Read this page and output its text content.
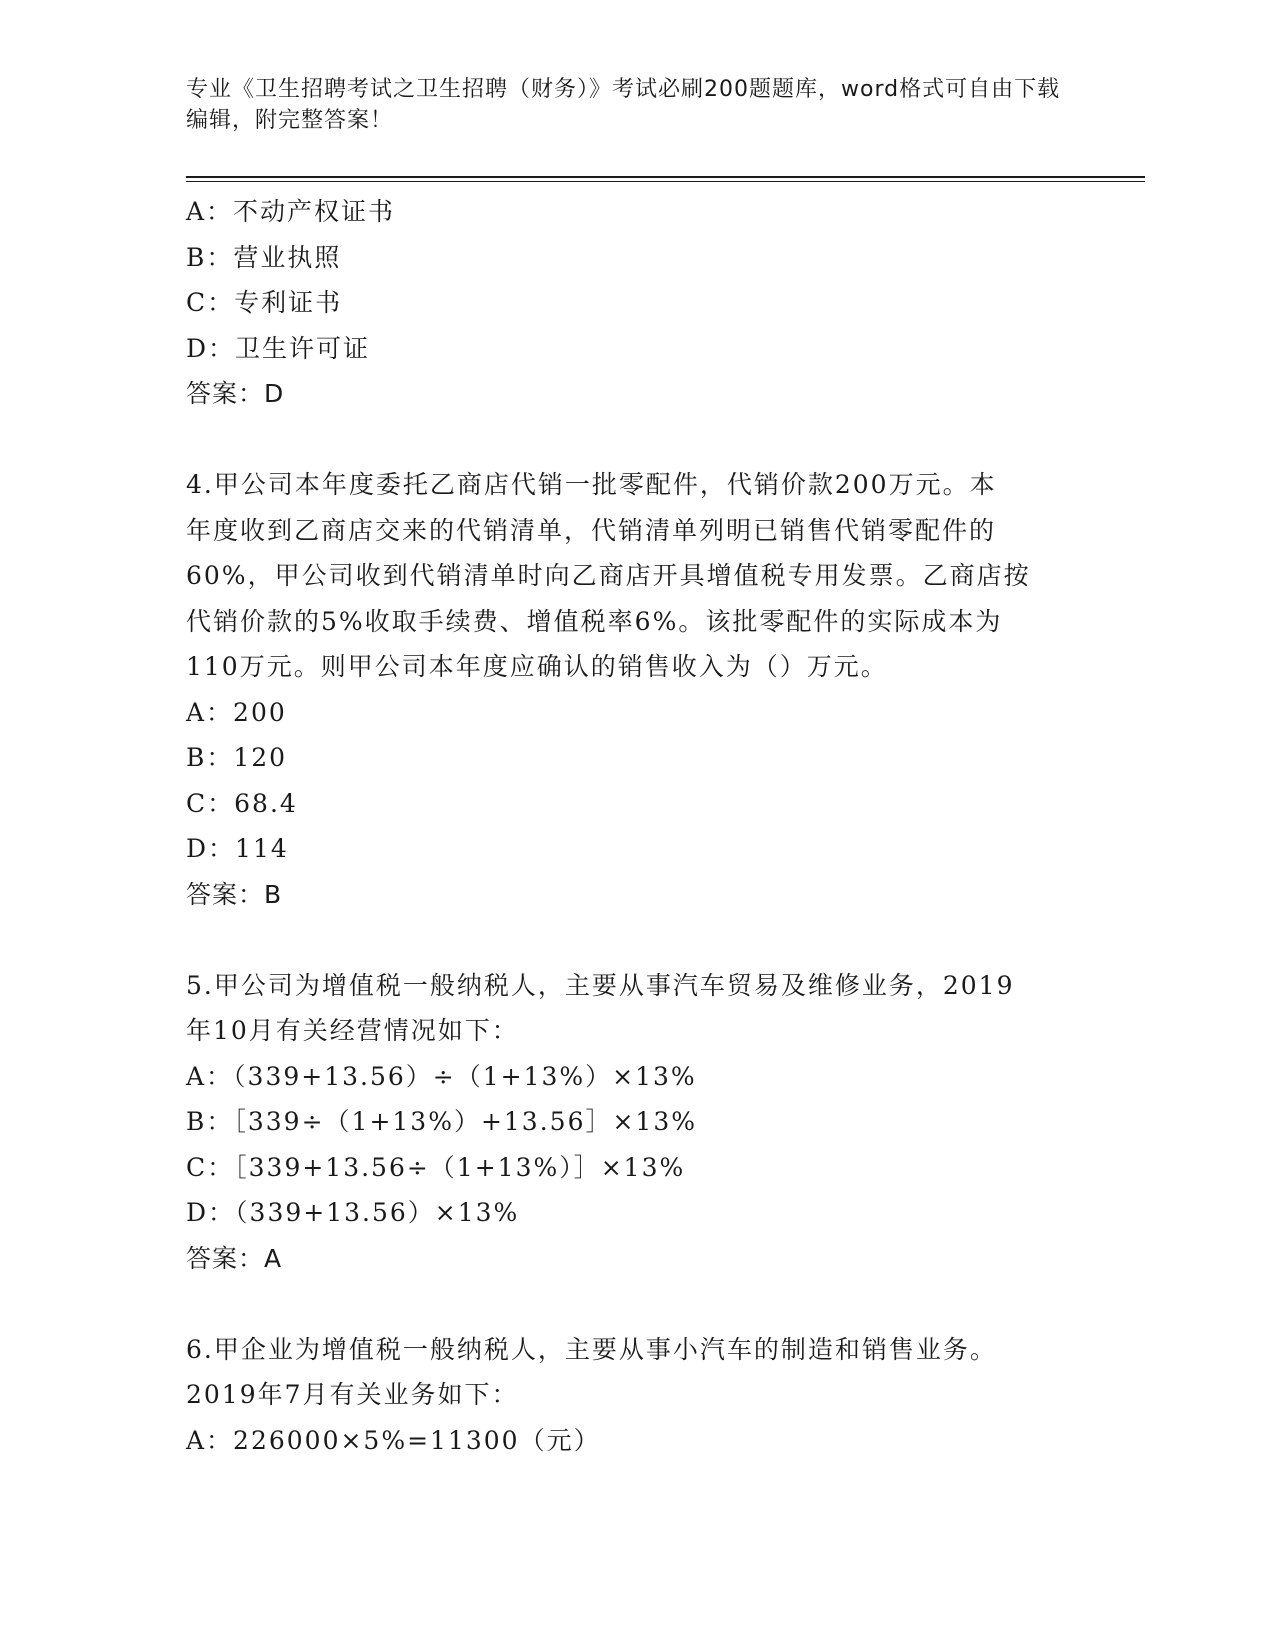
专业《卫生招聘考试之卫生招聘（财务）》考试必刷200题题库，word格式可自由下载编辑，附完整答案！
A：不动产权证书
B：营业执照
C：专利证书
D：卫生许可证
答案：D
4.甲公司本年度委托乙商店代销一批零配件，代销价款200万元。本
年度收到乙商店交来的代销清单，代销清单列明已销售代销零配件的
60%，甲公司收到代销清单时向乙商店开具增值税专用发票。乙商店按
代销价款的5%收取手续费、增值税率6%。该批零配件的实际成本为
110万元。则甲公司本年度应确认的销售收入为（）万元。
A：200
B：120
C：68.4
D：114
答案：B
5.甲公司为增值税一般纳税人，主要从事汽车贸易及维修业务，2019
年10月有关经营情况如下：
A：（339+13.56）÷（1+13%）×13%
B：［339÷（1+13%）+13.56］×13%
C：［339+13.56÷（1+13%）］×13%
D：（339+13.56）×13%
答案：A
6.甲企业为增值税一般纳税人，主要从事小汽车的制造和销售业务。
2019年7月有关业务如下：
A：226000×5%=11300（元）
